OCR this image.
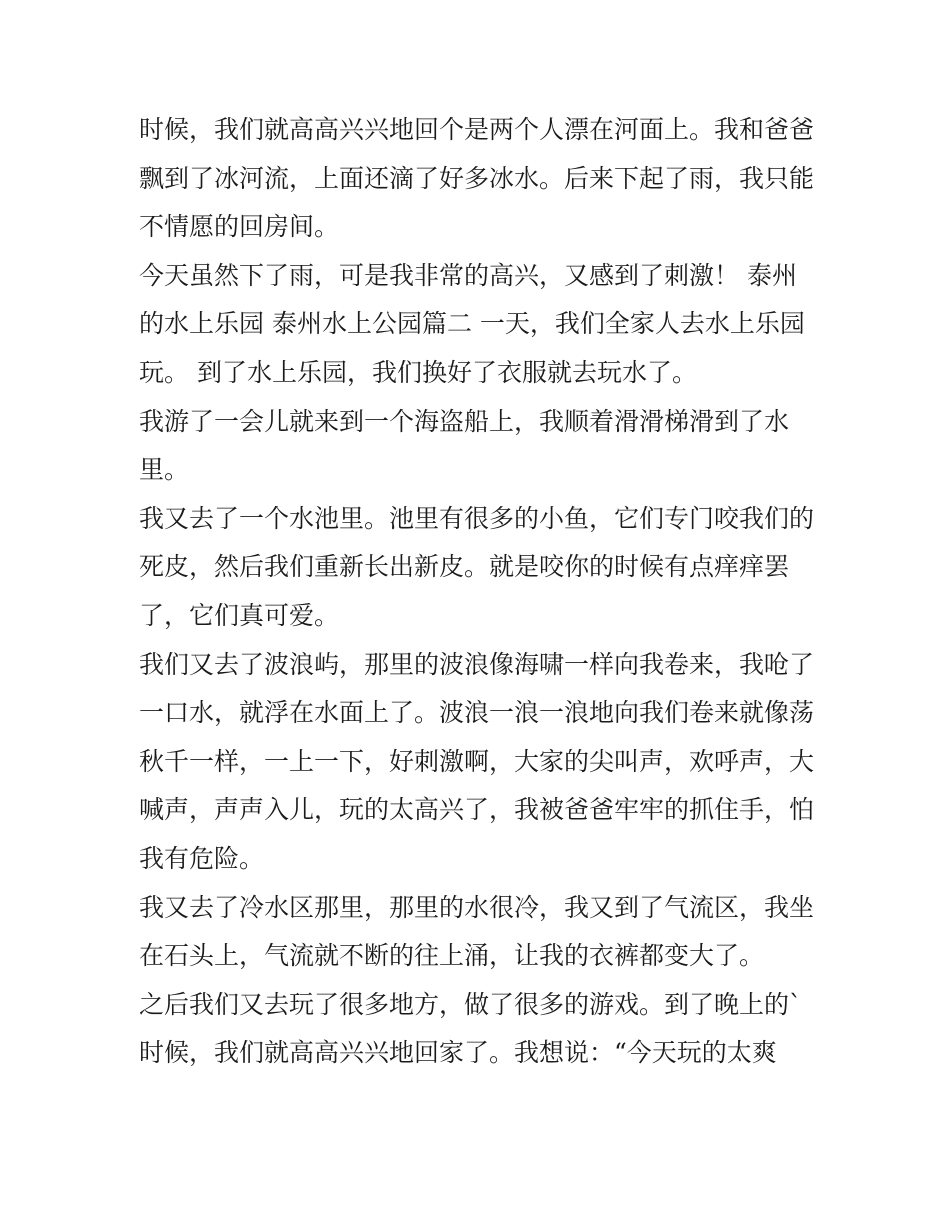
时候，我们就高高兴兴地回个是两个人漂在河面上。我和爸爸
飘到了冰河流，上面还滴了好多冰水。后来下起了雨，我只能
不情愿的回房间。
今天虽然下了雨，可是我非常的高兴，又感到了刺激！ 泰州
的水上乐园 泰州水上公园篇二 一天，我们全家人去水上乐园
玩。 到了水上乐园，我们换好了衣服就去玩水了。
我游了一会儿就来到一个海盗船上，我顺着滑滑梯滑到了水
里。
我又去了一个水池里。池里有很多的小鱼，它们专门咬我们的
死皮，然后我们重新长出新皮。就是咬你的时候有点痒痒罢
了，它们真可爱。
我们又去了波浪屿，那里的波浪像海啸一样向我卷来，我呛了
一口水，就浮在水面上了。波浪一浪一浪地向我们卷来就像荡
秋千一样，一上一下，好刺激啊，大家的尖叫声，欢呼声，大
喊声，声声入儿，玩的太高兴了，我被爸爸牢牢的抓住手，怕
我有危险。
我又去了冷水区那里，那里的水很冷，我又到了气流区，我坐
在石头上，气流就不断的往上涌，让我的衣裤都变大了。
之后我们又去玩了很多地方，做了很多的游戏。到了晚上的`
时候，我们就高高兴兴地回家了。我想说：“今天玩的太爽
